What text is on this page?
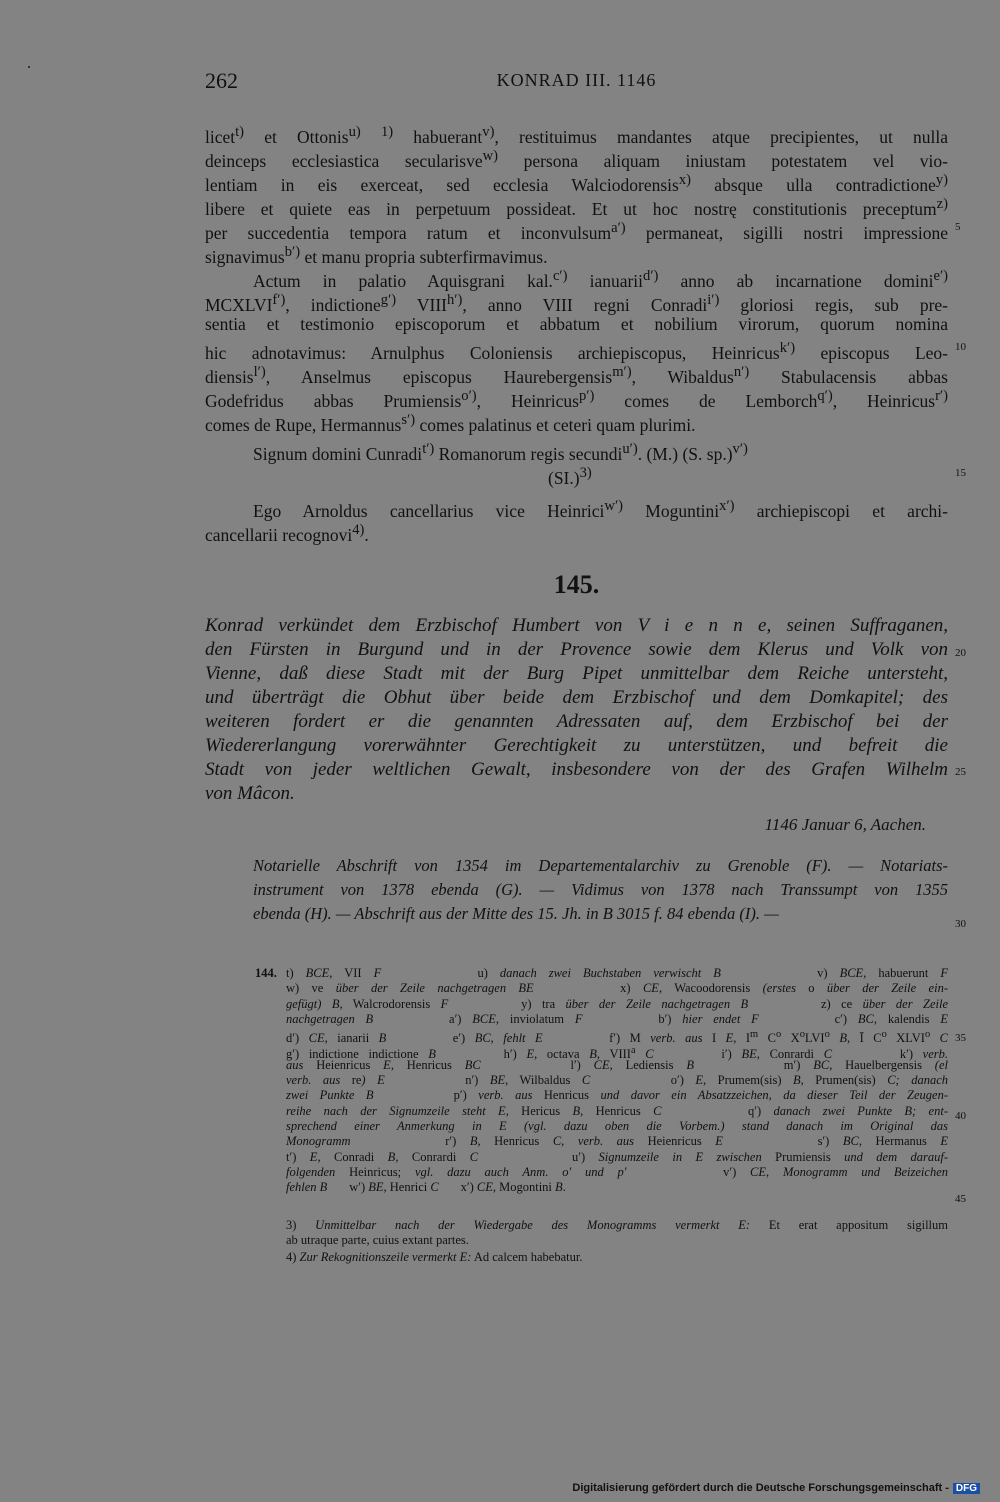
262	KONRAD III. 1146
licet$^{t)}$ et Ottonis$^{u)}$ $^{1)}$ habuerant$^{v)}$, restituimus mandantes atque precipientes, ut nulla
deinceps ecclesiastica secularisve$^{w)}$ persona aliquam iniustam potestatem vel vio-
lentiam in eis exerceat, sed ecclesia Walciodorensis$^{x)}$ absque ulla contradictione$^{y)}$
libere et quiete eas in perpetuum possideat. Et ut hoc nostrę constitutionis preceptum$^{z)}$
per succedentia tempora ratum et inconvulsum$^{a')}$ permaneat, sigilli nostri impressione
signavimus$^{b')}$ et manu propria subterfirmavimus.
Actum in palatio Aquisgrani kal.$^{c')}$ ianuarii$^{d')}$ anno ab incarnatione domini$^{e')}$
$MCXLVI^{f')}$, indictione$^{g')}$ $VIII^{h')}$, anno VIII regni Conradi$^{i')}$ gloriosi regis, sub pre-
sentia et testimonio episcoporum et abbatum et nobilium virorum, quorum nomina
hic adnotavimus: Arnulphus Coloniensis archiepiscopus, Heinricus$^{k')}$ episcopus Leo-
diensis$^{l')}$, Anselmus episcopus Haurebergensis$^{m')}$, Wibaldus$^{n')}$ Stabulacensis abbas
Godefridus abbas Prumiensis$^{o')}$, Heinricus$^{p')}$ comes de Lemborch$^{q')}$, Heinricus$^{r')}$
comes de Rupe, Hermannus$^{s')}$ comes palatinus et ceteri quam plurimi.
Signum domini Cunradi$^{t')}$ Romanorum regis secundi$^{u')}$. (M.) (S. sp.)$^{v')}$
$(SI.)^{3)}$
Ego Arnoldus cancellarius vice Heinrici$^{w')}$ Moguntini$^{x')}$ archiepiscopi et archi-
cancellarii recognovi$^{4)}$.
145.
Konrad verkündet dem Erzbischof Humbert von V i e n n e, seinen Suffraganen,
den Fürsten in Burgund und in der Provence sowie dem Klerus und Volk von
Vienne, daß diese Stadt mit der Burg Pipet unmittelbar dem Reiche untersteht,
und überträgt die Obhut über beide dem Erzbischof und dem Domkapitel; des
weiteren fordert er die genannten Adressaten auf, dem Erzbischof bei der
Wiedererlangung vorerwähnter Gerechtigkeit zu unterstützen, und befreit die
Stadt von jeder weltlichen Gewalt, insbesondere von der des Grafen Wilhelm
von Mâcon.
1146 Januar 6, Aachen.
Notarielle Abschrift von 1354 im Departementalarchiv zu Grenoble (F). — Notariats-
instrument von 1378 ebenda (G). — Vidimus von 1378 nach Transsumpt von 1355
ebenda (H). — Abschrift aus der Mitte des 15. Jh. in B 3015 f. 84 ebenda (I). —
144. t) BCE, VII F        u) danach zwei Buchstaben verwischt B        v) BCE, habuerunt F
w) ve über der Zeile nachgetragen BE       x) CE, Wacoodorensis (erstes o über der Zeile ein-
gefügt) B, Walcrodorensis F       y) tra über der Zeile nachgetragen B       z) ce über der Zeile
nachgetragen B       a′) BCE, inviolatum F       b′) hier endet F       c′) BC, kalendis E
d′) CE, ianarii B       e′) BC, fehlt E       f′) M verb. aus I E, $I^m$ $C^o$ $X^oLVI^o$ B, Ī $C^o$ XLVI$^o$ C
g′) indictione indictione B       h′) E, octava B, VIII$^a$ C       i′) BE, Conrardi C       k′) verb.
aus Heienricus E, Henricus BC       l′) CE, Lediensis B       m′) BC, Hauelbergensis (el
verb. aus re) E       n′) BE, Wilbaldus C       o′) E, Prumem(sis) B, Prumen(sis) C; danach
zwei Punkte B       p′) verb. aus Henricus und davor ein Absatzzeichen, da dieser Teil der Zeugen-
reihe nach der Signumzeile steht E, Hericus B, Henricus C       q′) danach zwei Punkte B; ent-
sprechend einer Anmerkung in E (vgl. dazu oben die Vorbem.) stand danach im Original das
Monogramm       r′) B, Henricus C, verb. aus Heienricus E       s′) BC, Hermanus E
t′) E, Conradi B, Conrardi C       u′) Signumzeile in E zwischen Prumiensis und dem darauf-
folgenden Heinricus; vgl. dazu auch Anm. o′ und p′       v′) CE, Monogramm und Beizeichen
fehlen B       w′) BE, Henrici C       x′) CE, Mogontini B.
3) Unmittelbar nach der Wiedergabe des Monogramms vermerkt E: Et erat appositum sigillum
ab utraque parte, cuius extant partes.
4) Zur Rekognitionszeile vermerkt E: Ad calcem habebatur.
5
10
15
20
25
30
35
40
45
Digitalisierung gefördert durch die Deutsche Forschungsgemeinschaft - DFG
